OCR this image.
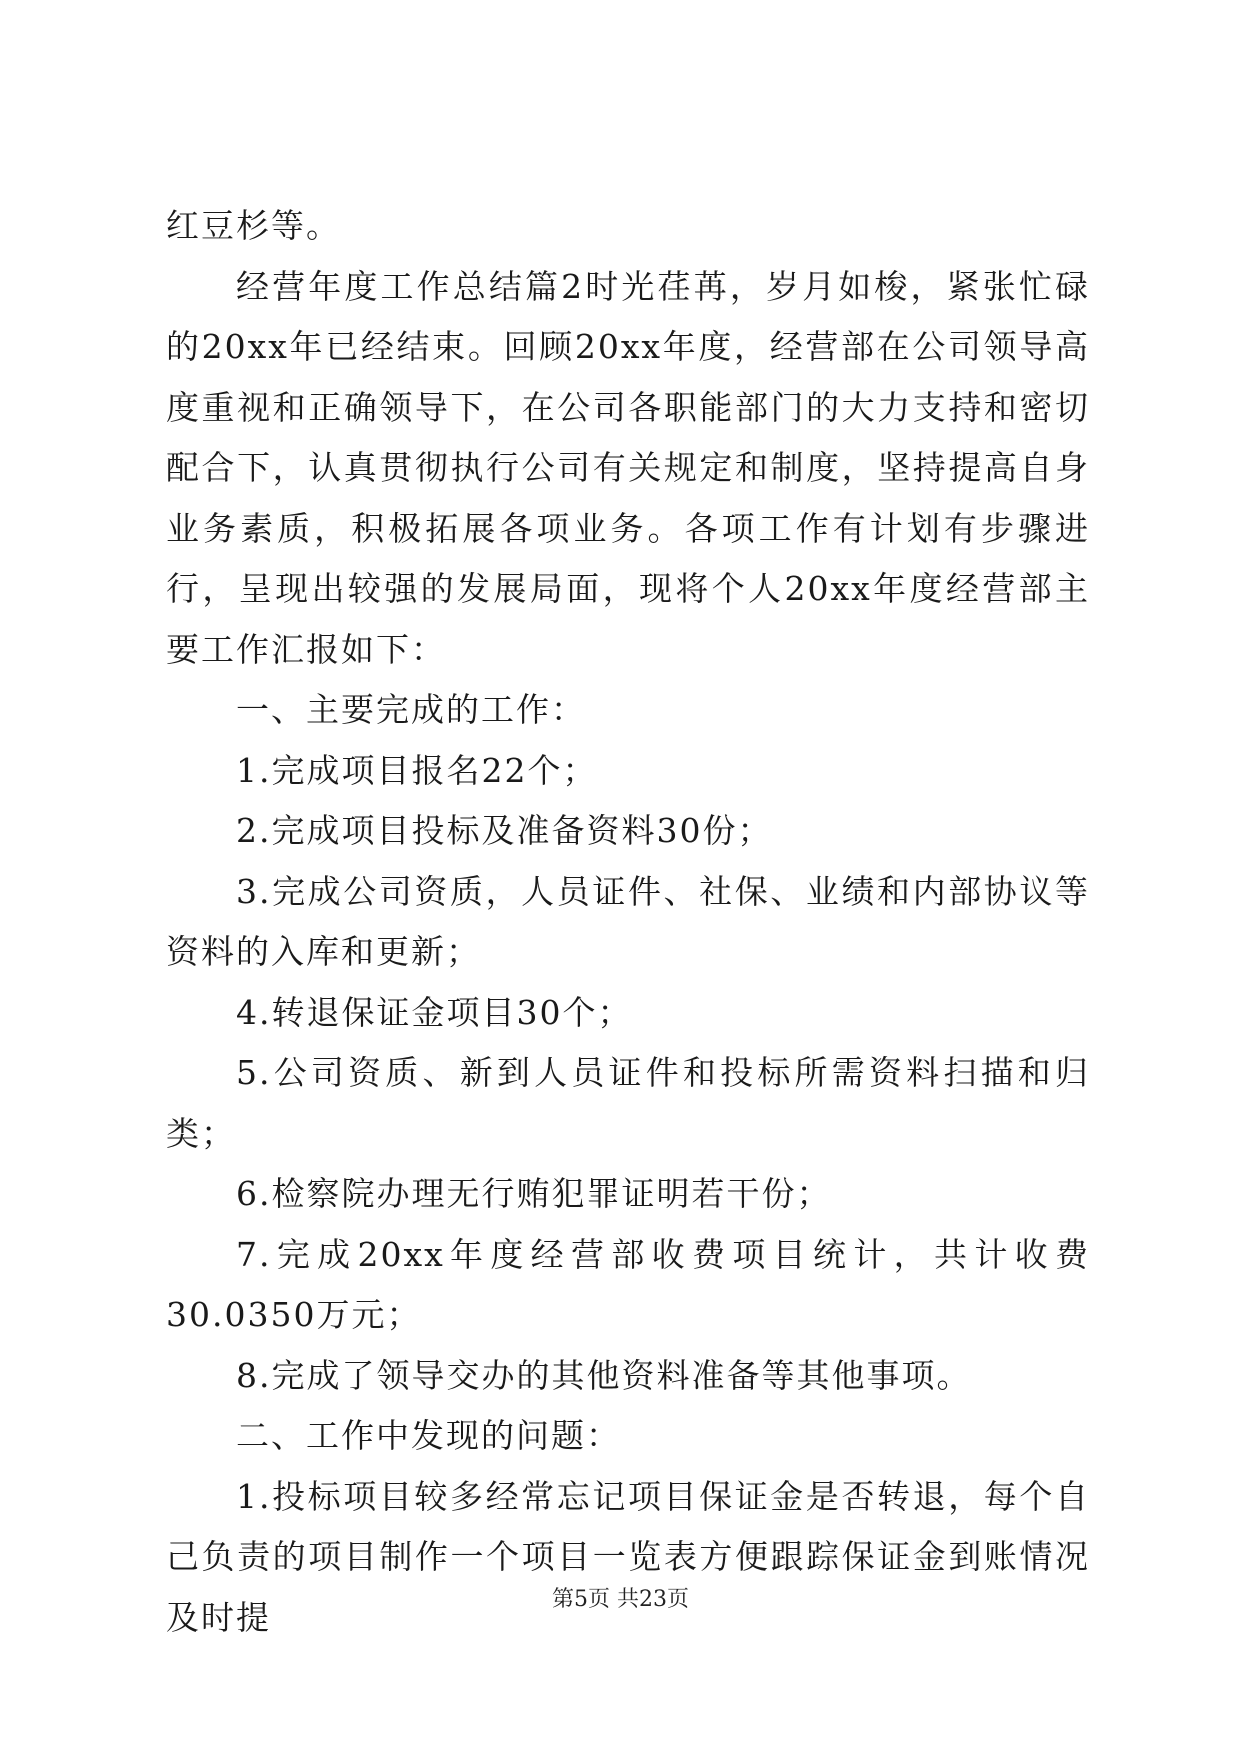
红豆杉等。

经营年度工作总结篇2时光荏苒，岁月如梭，紧张忙碌的20xx年已经结束。回顾20xx年度，经营部在公司领导高度重视和正确领导下，在公司各职能部门的大力支持和密切配合下，认真贯彻执行公司有关规定和制度，坚持提高自身业务素质，积极拓展各项业务。各项工作有计划有步骤进行，呈现出较强的发展局面，现将个人20xx年度经营部主要工作汇报如下：

一、主要完成的工作：

1.完成项目报名22个；

2.完成项目投标及准备资料30份；

3.完成公司资质，人员证件、社保、业绩和内部协议等资料的入库和更新；

4.转退保证金项目30个；

5.公司资质、新到人员证件和投标所需资料扫描和归类；

6.检察院办理无行贿犯罪证明若干份；

7.完成20xx年度经营部收费项目统计，共计收费30.0350万元；

8.完成了领导交办的其他资料准备等其他事项。

二、工作中发现的问题：

1.投标项目较多经常忘记项目保证金是否转退，每个自己负责的项目制作一个项目一览表方便跟踪保证金到账情况及时提	第5页 共23页
